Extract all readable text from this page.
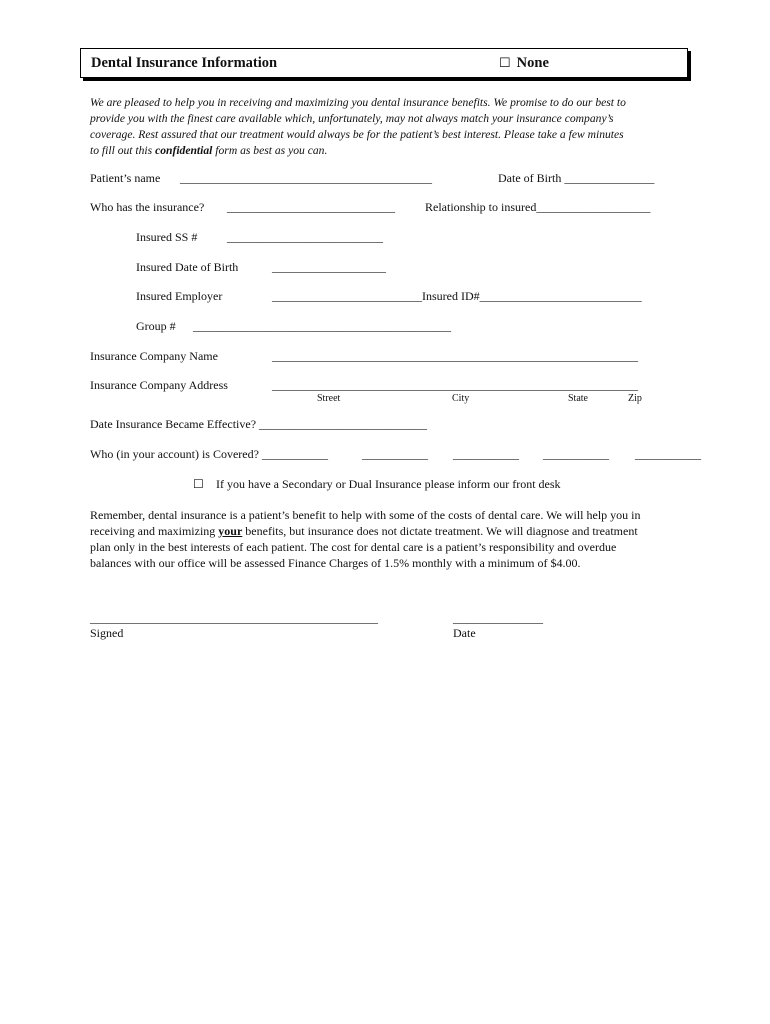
Dental Insurance Information	☐ None
We are pleased to help you in receiving and maximizing you dental insurance benefits. We promise to do our best to
provide you with the finest care available which, unfortunately, may not always match your insurance company’s
coverage. Rest assured that our treatment would always be for the patient’s best interest. Please take a few minutes
to fill out this confidential form as best as you can.
Patient’s name __________________________________________	Date of Birth _______________
Who has the insurance? ____________________________	Relationship to insured___________________
Insured SS # __________________________
Insured Date of Birth	___________________
Insured Employer	_________________________Insured ID#___________________________
Group # ___________________________________________
Insurance Company Name	_____________________________________________________________
Insurance Company Address	_____________________________________________________________
Street	City	State	Zip
Date Insurance Became Effective? ____________________________
Who (in your account) is Covered? ___________	___________ ___________ ___________ ___________
☐ If you have a Secondary or Dual Insurance please inform our front desk
Remember, dental insurance is a patient’s benefit to help with some of the costs of dental care. We will help you in
receiving and maximizing your benefits, but insurance does not dictate treatment. We will diagnose and treatment
plan only in the best interests of each patient. The cost for dental care is a patient’s responsibility and overdue
balances with our office will be assessed Finance Charges of 1.5% monthly with a minimum of $4.00.
________________________________________________
Signed
_______________
Date
